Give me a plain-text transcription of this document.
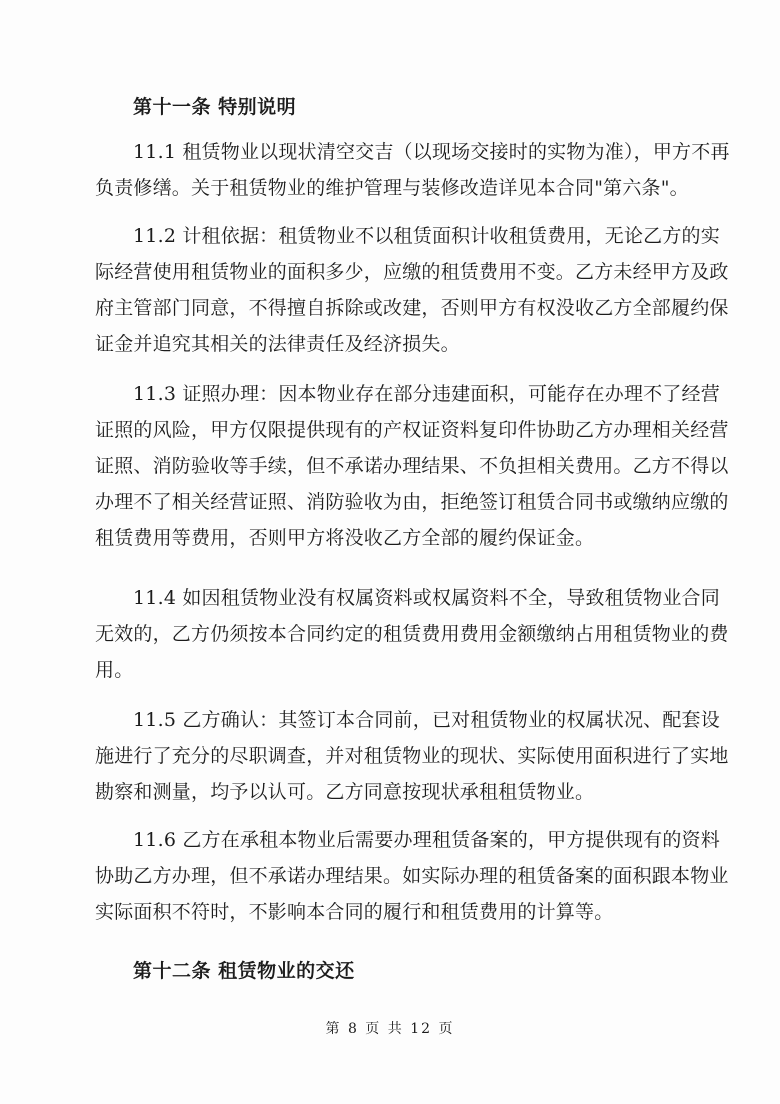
第十一条 特别说明
11.1 租赁物业以现状清空交吉（以现场交接时的实物为准），甲方不再
负责修缮。关于租赁物业的维护管理与装修改造详见本合同"第六条"。
11.2 计租依据：租赁物业不以租赁面积计收租赁费用，无论乙方的实
际经营使用租赁物业的面积多少，应缴的租赁费用不变。乙方未经甲方及政
府主管部门同意，不得擅自拆除或改建，否则甲方有权没收乙方全部履约保
证金并追究其相关的法律责任及经济损失。
11.3 证照办理：因本物业存在部分违建面积，可能存在办理不了经营
证照的风险，甲方仅限提供现有的产权证资料复印件协助乙方办理相关经营
证照、消防验收等手续，但不承诺办理结果、不负担相关费用。乙方不得以
办理不了相关经营证照、消防验收为由，拒绝签订租赁合同书或缴纳应缴的
租赁费用等费用，否则甲方将没收乙方全部的履约保证金。
11.4 如因租赁物业没有权属资料或权属资料不全，导致租赁物业合同
无效的，乙方仍须按本合同约定的租赁费用费用金额缴纳占用租赁物业的费
用。
11.5 乙方确认：其签订本合同前，已对租赁物业的权属状况、配套设
施进行了充分的尽职调查，并对租赁物业的现状、实际使用面积进行了实地
勘察和测量，均予以认可。乙方同意按现状承租租赁物业。
11.6 乙方在承租本物业后需要办理租赁备案的，甲方提供现有的资料
协助乙方办理，但不承诺办理结果。如实际办理的租赁备案的面积跟本物业
实际面积不符时，不影响本合同的履行和租赁费用的计算等。
第十二条 租赁物业的交还
第 8 页 共 12 页
